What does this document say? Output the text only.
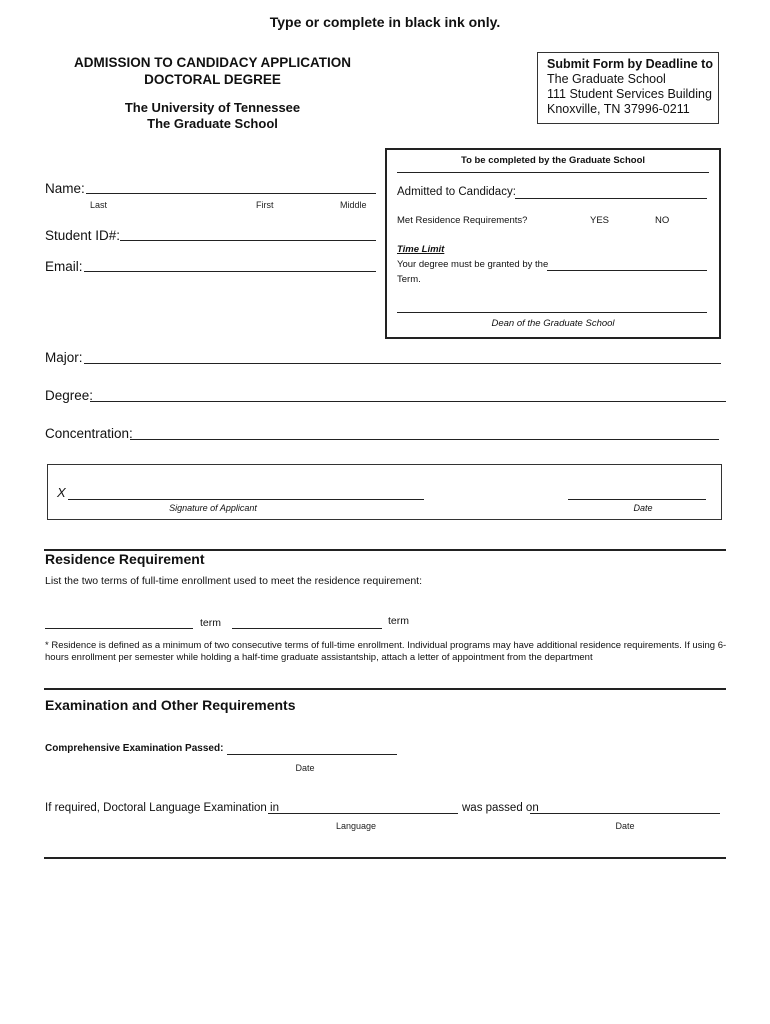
Type or complete in black ink only.
ADMISSION TO CANDIDACY APPLICATION
DOCTORAL DEGREE
The University of Tennessee
The Graduate School
Submit Form by Deadline to
The Graduate School
111 Student Services Building
Knoxville, TN 37996-0211
To be completed by the Graduate School
Admitted to Candidacy:
Met Residence Requirements?	YES	NO
Time Limit
Your degree must be granted by the
Term.
Dean of the Graduate School
Name:
Last	First	Middle
Student ID#:
Email:
Major:
Degree:
Concentration:
X
Signature of Applicant	Date
Residence Requirement
List the two terms of full-time enrollment used to meet the residence requirement:
term	term
* Residence is defined as a minimum of two consecutive terms of full-time enrollment. Individual programs may have additional residence requirements. If using 6-
hours enrollment per semester while holding a half-time graduate assistantship, attach a letter of appointment from the department
Examination and Other Requirements
Comprehensive Examination Passed:
Date
If required, Doctoral Language Examination in	was passed on
Language	Date
